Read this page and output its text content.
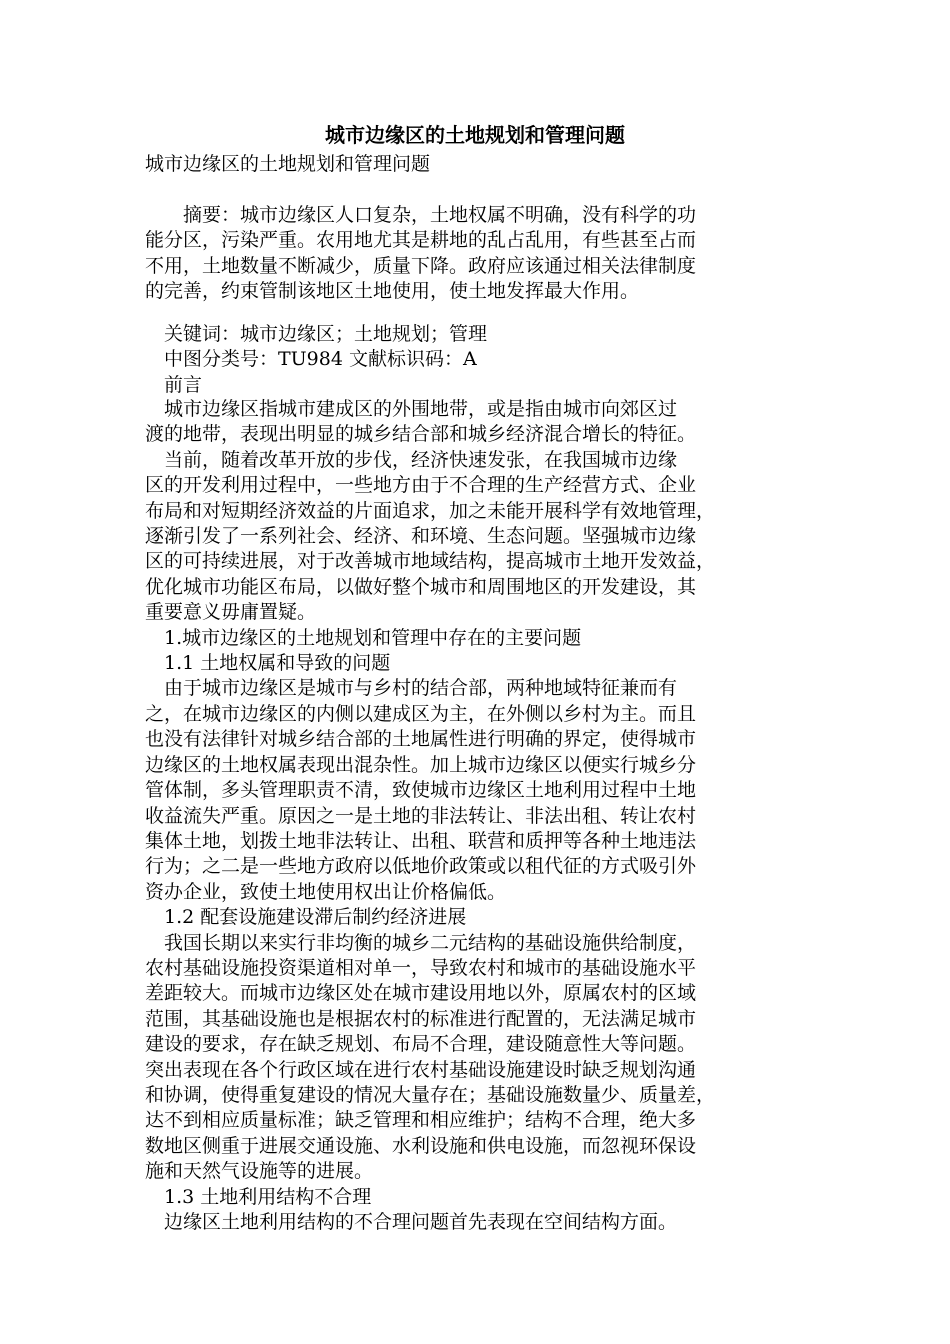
城市边缘区的土地规划和管理问题
城市边缘区的土地规划和管理问题
　　摘要：城市边缘区人口复杂，土地权属不明确，没有科学的功
能分区，污染严重。农用地尤其是耕地的乱占乱用，有些甚至占而
不用，土地数量不断减少，质量下降。政府应该通过相关法律制度
的完善，约束管制该地区土地使用，使土地发挥最大作用。
　关键词：城市边缘区；土地规划；管理
　中图分类号：TU984 文献标识码：A
　前言
　城市边缘区指城市建成区的外围地带，或是指由城市向郊区过
渡的地带，表现出明显的城乡结合部和城乡经济混合增长的特征。
　当前，随着改革开放的步伐，经济快速发张，在我国城市边缘
区的开发利用过程中，一些地方由于不合理的生产经营方式、企业
布局和对短期经济效益的片面追求，加之未能开展科学有效地管理，
逐渐引发了一系列社会、经济、和环境、生态问题。坚强城市边缘
区的可持续进展，对于改善城市地域结构，提高城市土地开发效益，
优化城市功能区布局，以做好整个城市和周围地区的开发建设，其
重要意义毋庸置疑。
　1.城市边缘区的土地规划和管理中存在的主要问题
　1.1 土地权属和导致的问题
　由于城市边缘区是城市与乡村的结合部，两种地域特征兼而有
之，在城市边缘区的内侧以建成区为主，在外侧以乡村为主。而且
也没有法律针对城乡结合部的土地属性进行明确的界定，使得城市
边缘区的土地权属表现出混杂性。加上城市边缘区以便实行城乡分
管体制，多头管理职责不清，致使城市边缘区土地利用过程中土地
收益流失严重。原因之一是土地的非法转让、非法出租、转让农村
集体土地，划拨土地非法转让、出租、联营和质押等各种土地违法
行为；之二是一些地方政府以低地价政策或以租代征的方式吸引外
资办企业，致使土地使用权出让价格偏低。
　1.2 配套设施建设滞后制约经济进展
　我国长期以来实行非均衡的城乡二元结构的基础设施供给制度，
农村基础设施投资渠道相对单一，导致农村和城市的基础设施水平
差距较大。而城市边缘区处在城市建设用地以外，原属农村的区域
范围，其基础设施也是根据农村的标准进行配置的，无法满足城市
建设的要求，存在缺乏规划、布局不合理，建设随意性大等问题。
突出表现在各个行政区域在进行农村基础设施建设时缺乏规划沟通
和协调，使得重复建设的情况大量存在；基础设施数量少、质量差，
达不到相应质量标准；缺乏管理和相应维护；结构不合理，绝大多
数地区侧重于进展交通设施、水利设施和供电设施，而忽视环保设
施和天然气设施等的进展。
　1.3 土地利用结构不合理
　边缘区土地利用结构的不合理问题首先表现在空间结构方面。
